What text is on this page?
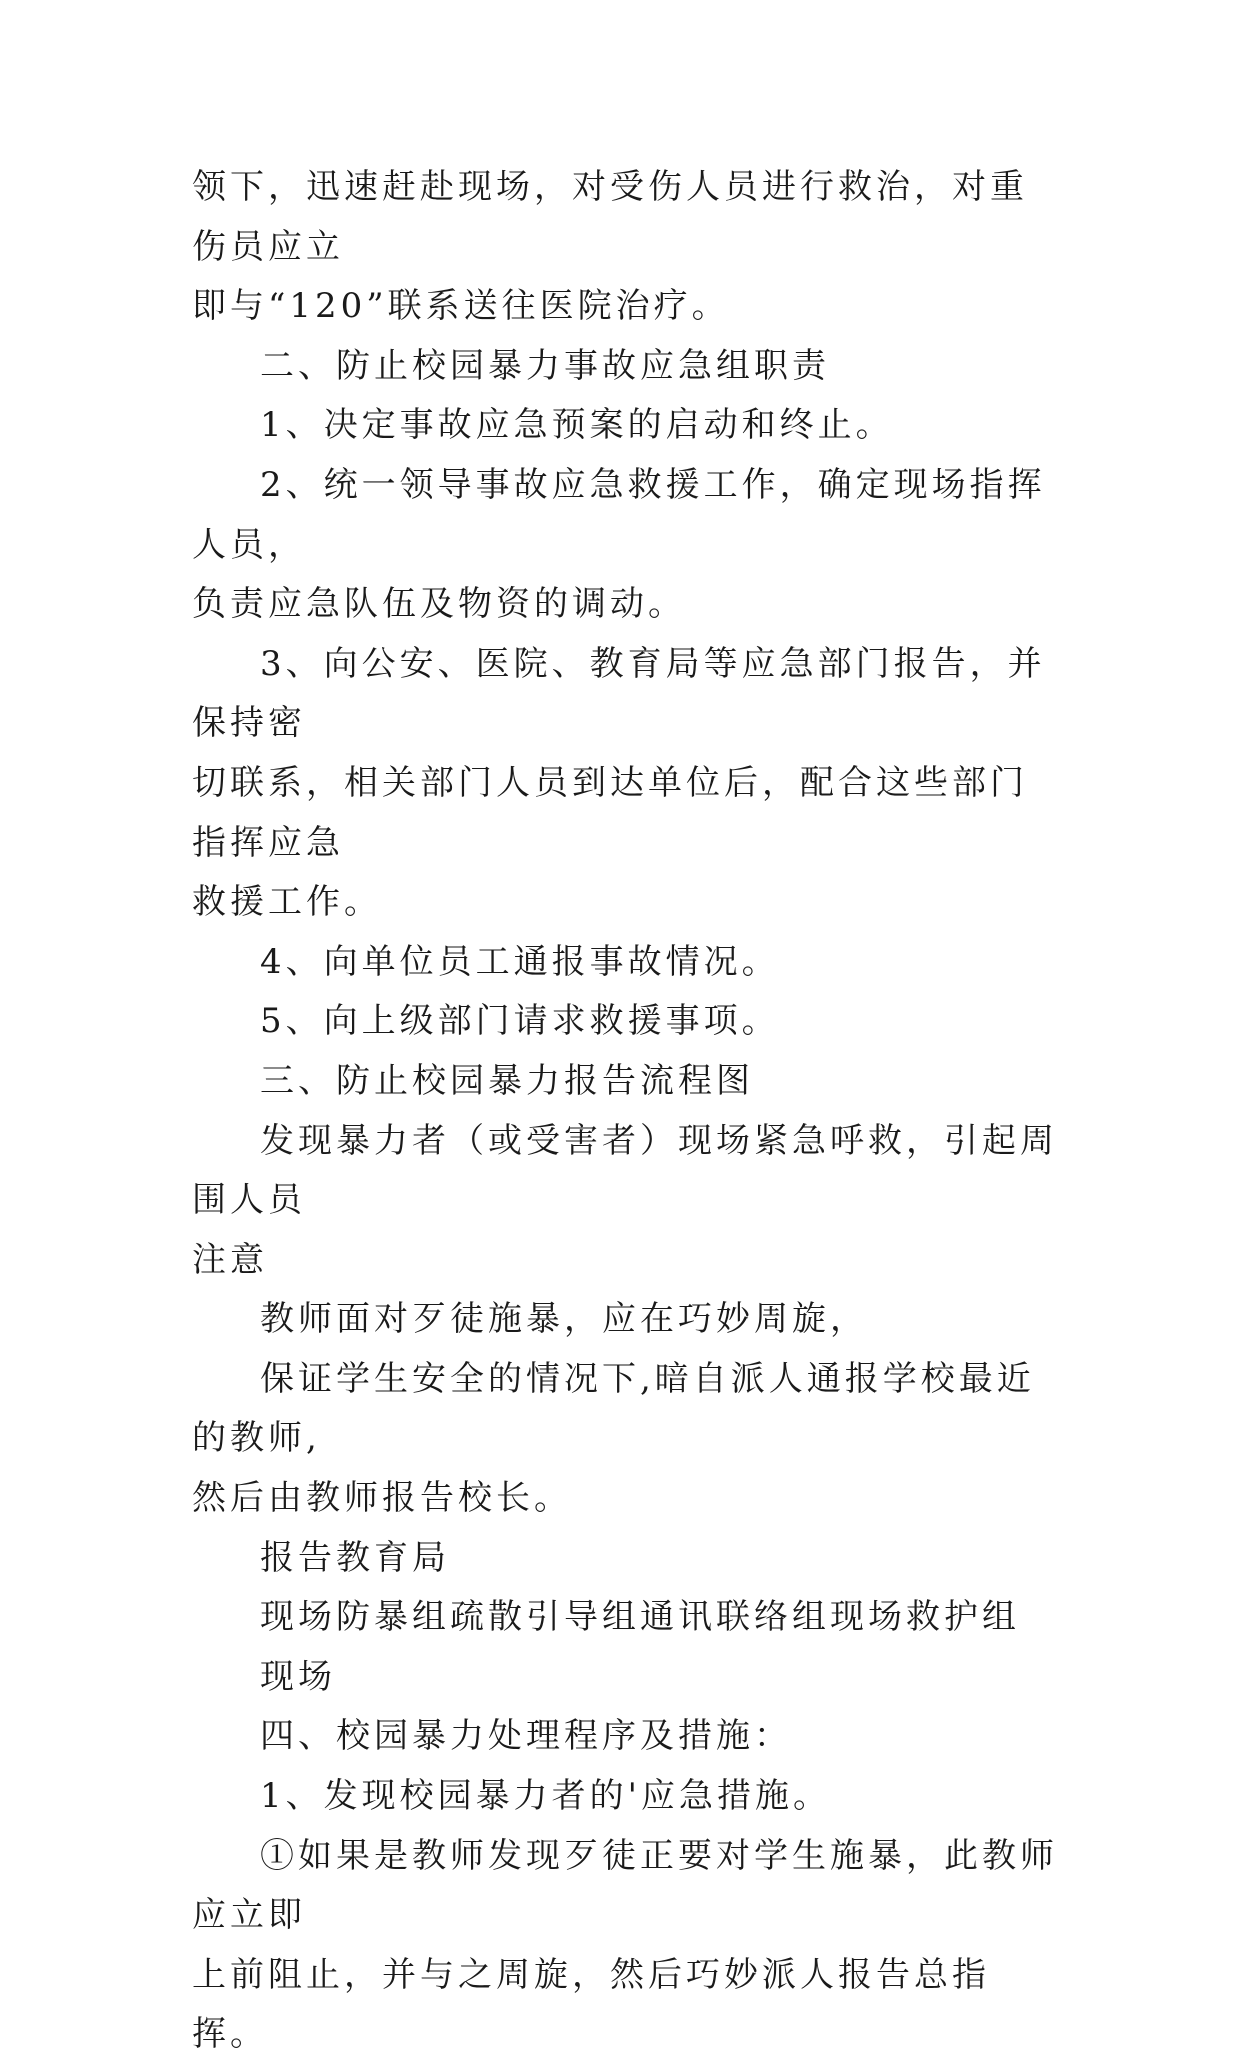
领下，迅速赶赴现场，对受伤人员进行救治，对重伤员应立

即与“120”联系送往医院治疗。

二、防止校园暴力事故应急组职责

1、决定事故应急预案的启动和终止。

2、统一领导事故应急救援工作，确定现场指挥人员，

负责应急队伍及物资的调动。

3、向公安、医院、教育局等应急部门报告，并保持密

切联系，相关部门人员到达单位后，配合这些部门指挥应急

救援工作。

4、向单位员工通报事故情况。

5、向上级部门请求救援事项。

三、防止校园暴力报告流程图

发现暴力者（或受害者）现场紧急呼救，引起周围人员

注意

教师面对歹徒施暴，应在巧妙周旋，

保证学生安全的情况下,暗自派人通报学校最近的教师,

然后由教师报告校长。

报告教育局

现场防暴组疏散引导组通讯联络组现场救护组

现场

四、校园暴力处理程序及措施：

1、发现校园暴力者的'应急措施。

①如果是教师发现歹徒正要对学生施暴，此教师应立即

上前阻止，并与之周旋，然后巧妙派人报告总指挥。
